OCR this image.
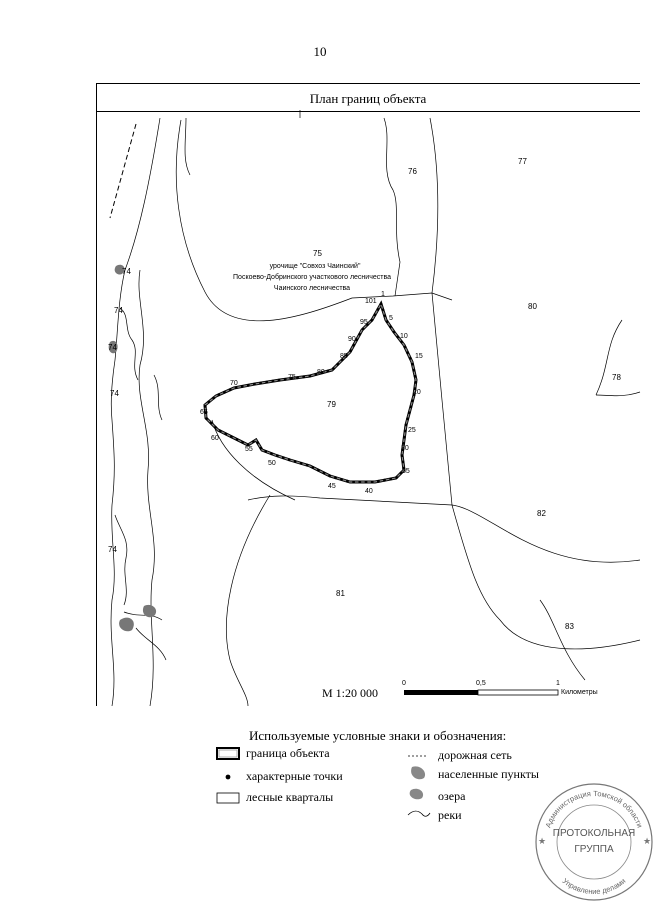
10
План границ объекта
74
74
74
74
74
75
76
77
78
79
80
81
82
83
урочище "Совхоз Чаинский"
Поскоево-Добринского участкового лесничества
Чаинского лесничества
1
5
10
15
20
25
30
35
40
45
50
55
60
65
70
75
80
85
90
95
101
М 1:20 000
0	0,5	1
Километры
Используемые условные знаки и обозначения:
граница объекта
характерные точки
лесные кварталы
дорожная сеть
населенные пункты
озера
реки
Администрация Томской области
Управление делами
ПРОТОКОЛЬНАЯ
ГРУППА
★	★
